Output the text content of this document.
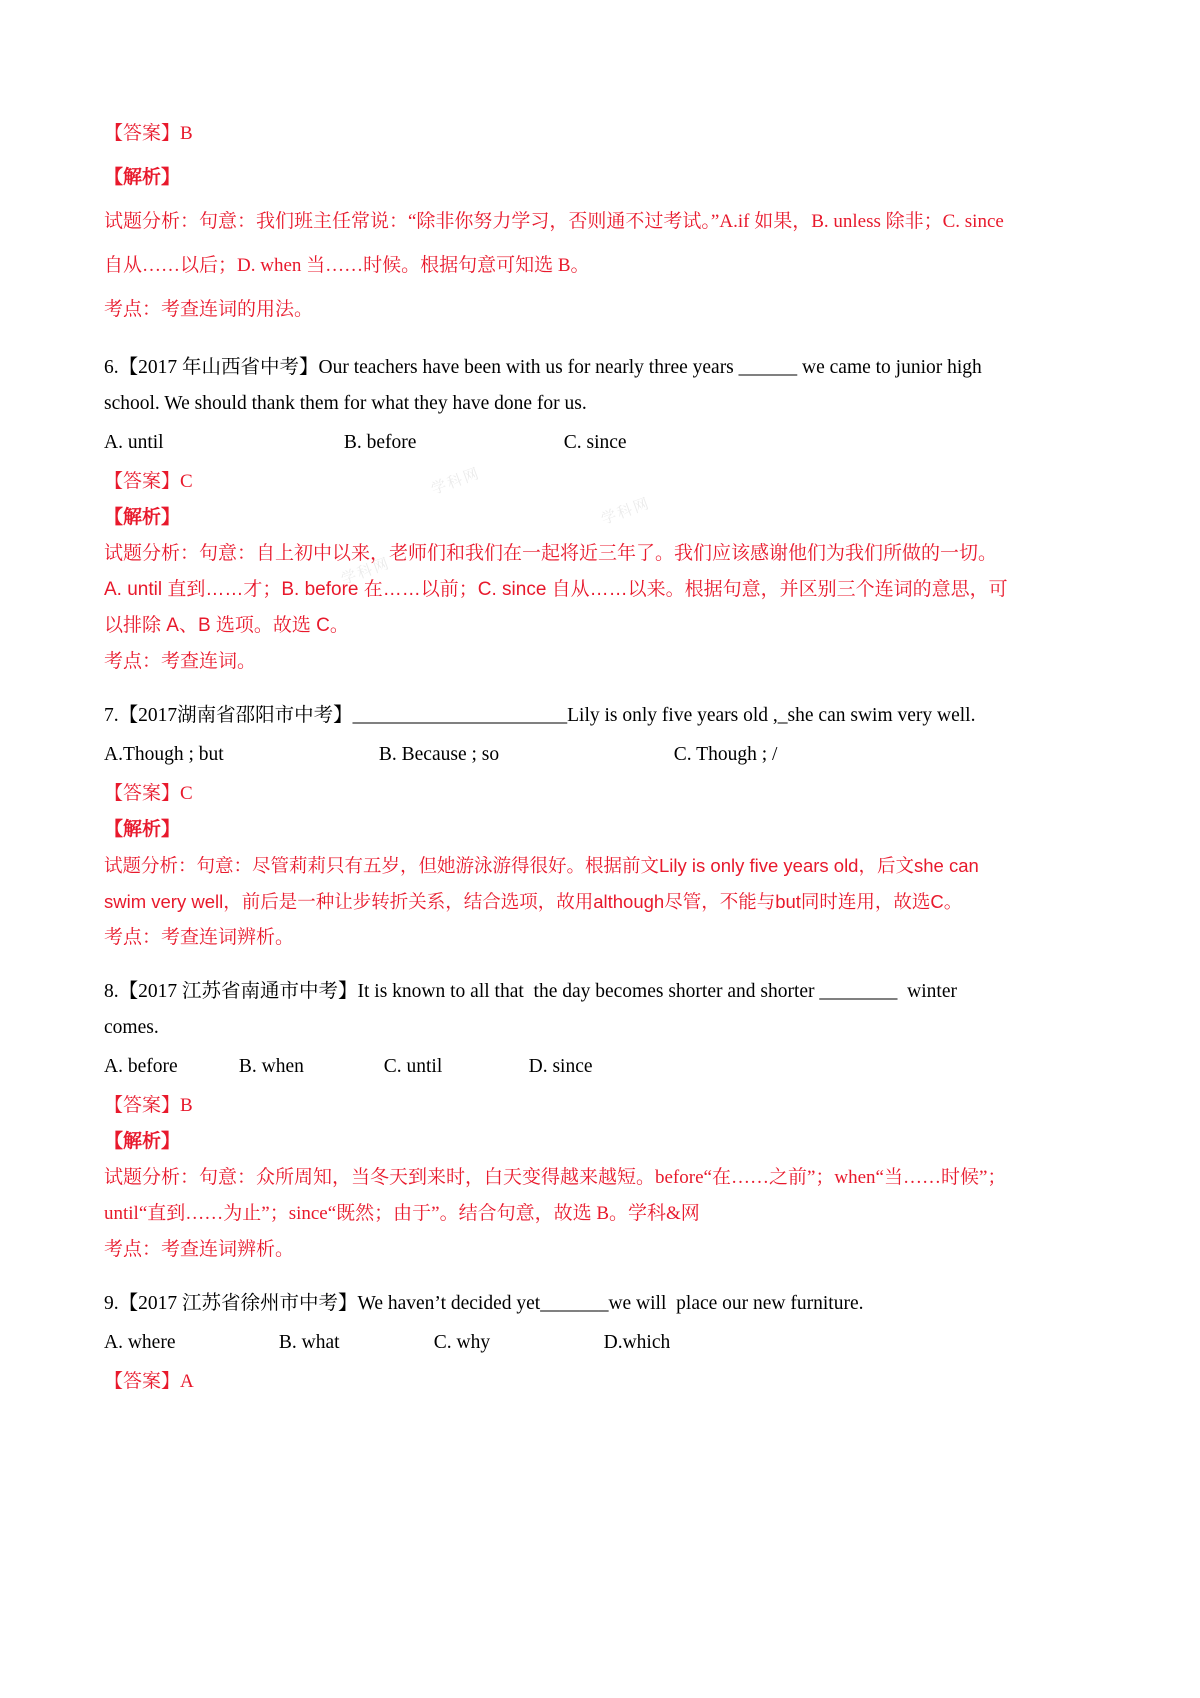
【答案】B
【解析】
试题分析：句意：我们班主任常说：“除非你努力学习，否则通不过考试。”A.if 如果，B. unless 除非；C. since 自从……以后；D. when 当……时候。根据句意可知选 B。
考点：考查连词的用法。
6.【2017 年山西省中考】Our teachers have been with us for nearly three years ______ we came to junior high school. We should thank them for what they have done for us.
A. until	B. before	C. since
【答案】C
【解析】
试题分析：句意：自上初中以来，老师们和我们在一起将近三年了。我们应该感谢他们为我们所做的一切。A. until 直到……才；B. before 在……以前；C. since 自从……以来。根据句意，并区别三个连词的意思，可以排除 A、B 选项。故选 C。
考点：考查连词。
7.【2017湖南省邵阳市中考】______________________Lily is only five years old ,_she can swim very well.
A.Though ; but	B. Because ; so	C. Though ; /
【答案】C
【解析】
试题分析：句意：尽管莉莉只有五岁，但她游泳游得很好。根据前文Lily is only five years old，后文she can swim very well，前后是一种让步转折关系，结合选项，故用although尽管，不能与but同时连用，故选C。
考点：考查连词辨析。
8.【2017 江苏省南通市中考】It is known to all that  the day becomes shorter and shorter ________  winter comes.
A. before	B. when	C. until	D. since
【答案】B
【解析】
试题分析：句意：众所周知，当冬天到来时，白天变得越来越短。before“在……之前”；when“当……时候”；until“直到……为止”；since“既然；由于”。结合句意，故选 B。学科&网
考点：考查连词辨析。
9.【2017 江苏省徐州市中考】We haven’t decided yet_______we will  place our new furniture.
A. where	B. what	C. why	D.which
【答案】A
学科网
学科网
学科网
